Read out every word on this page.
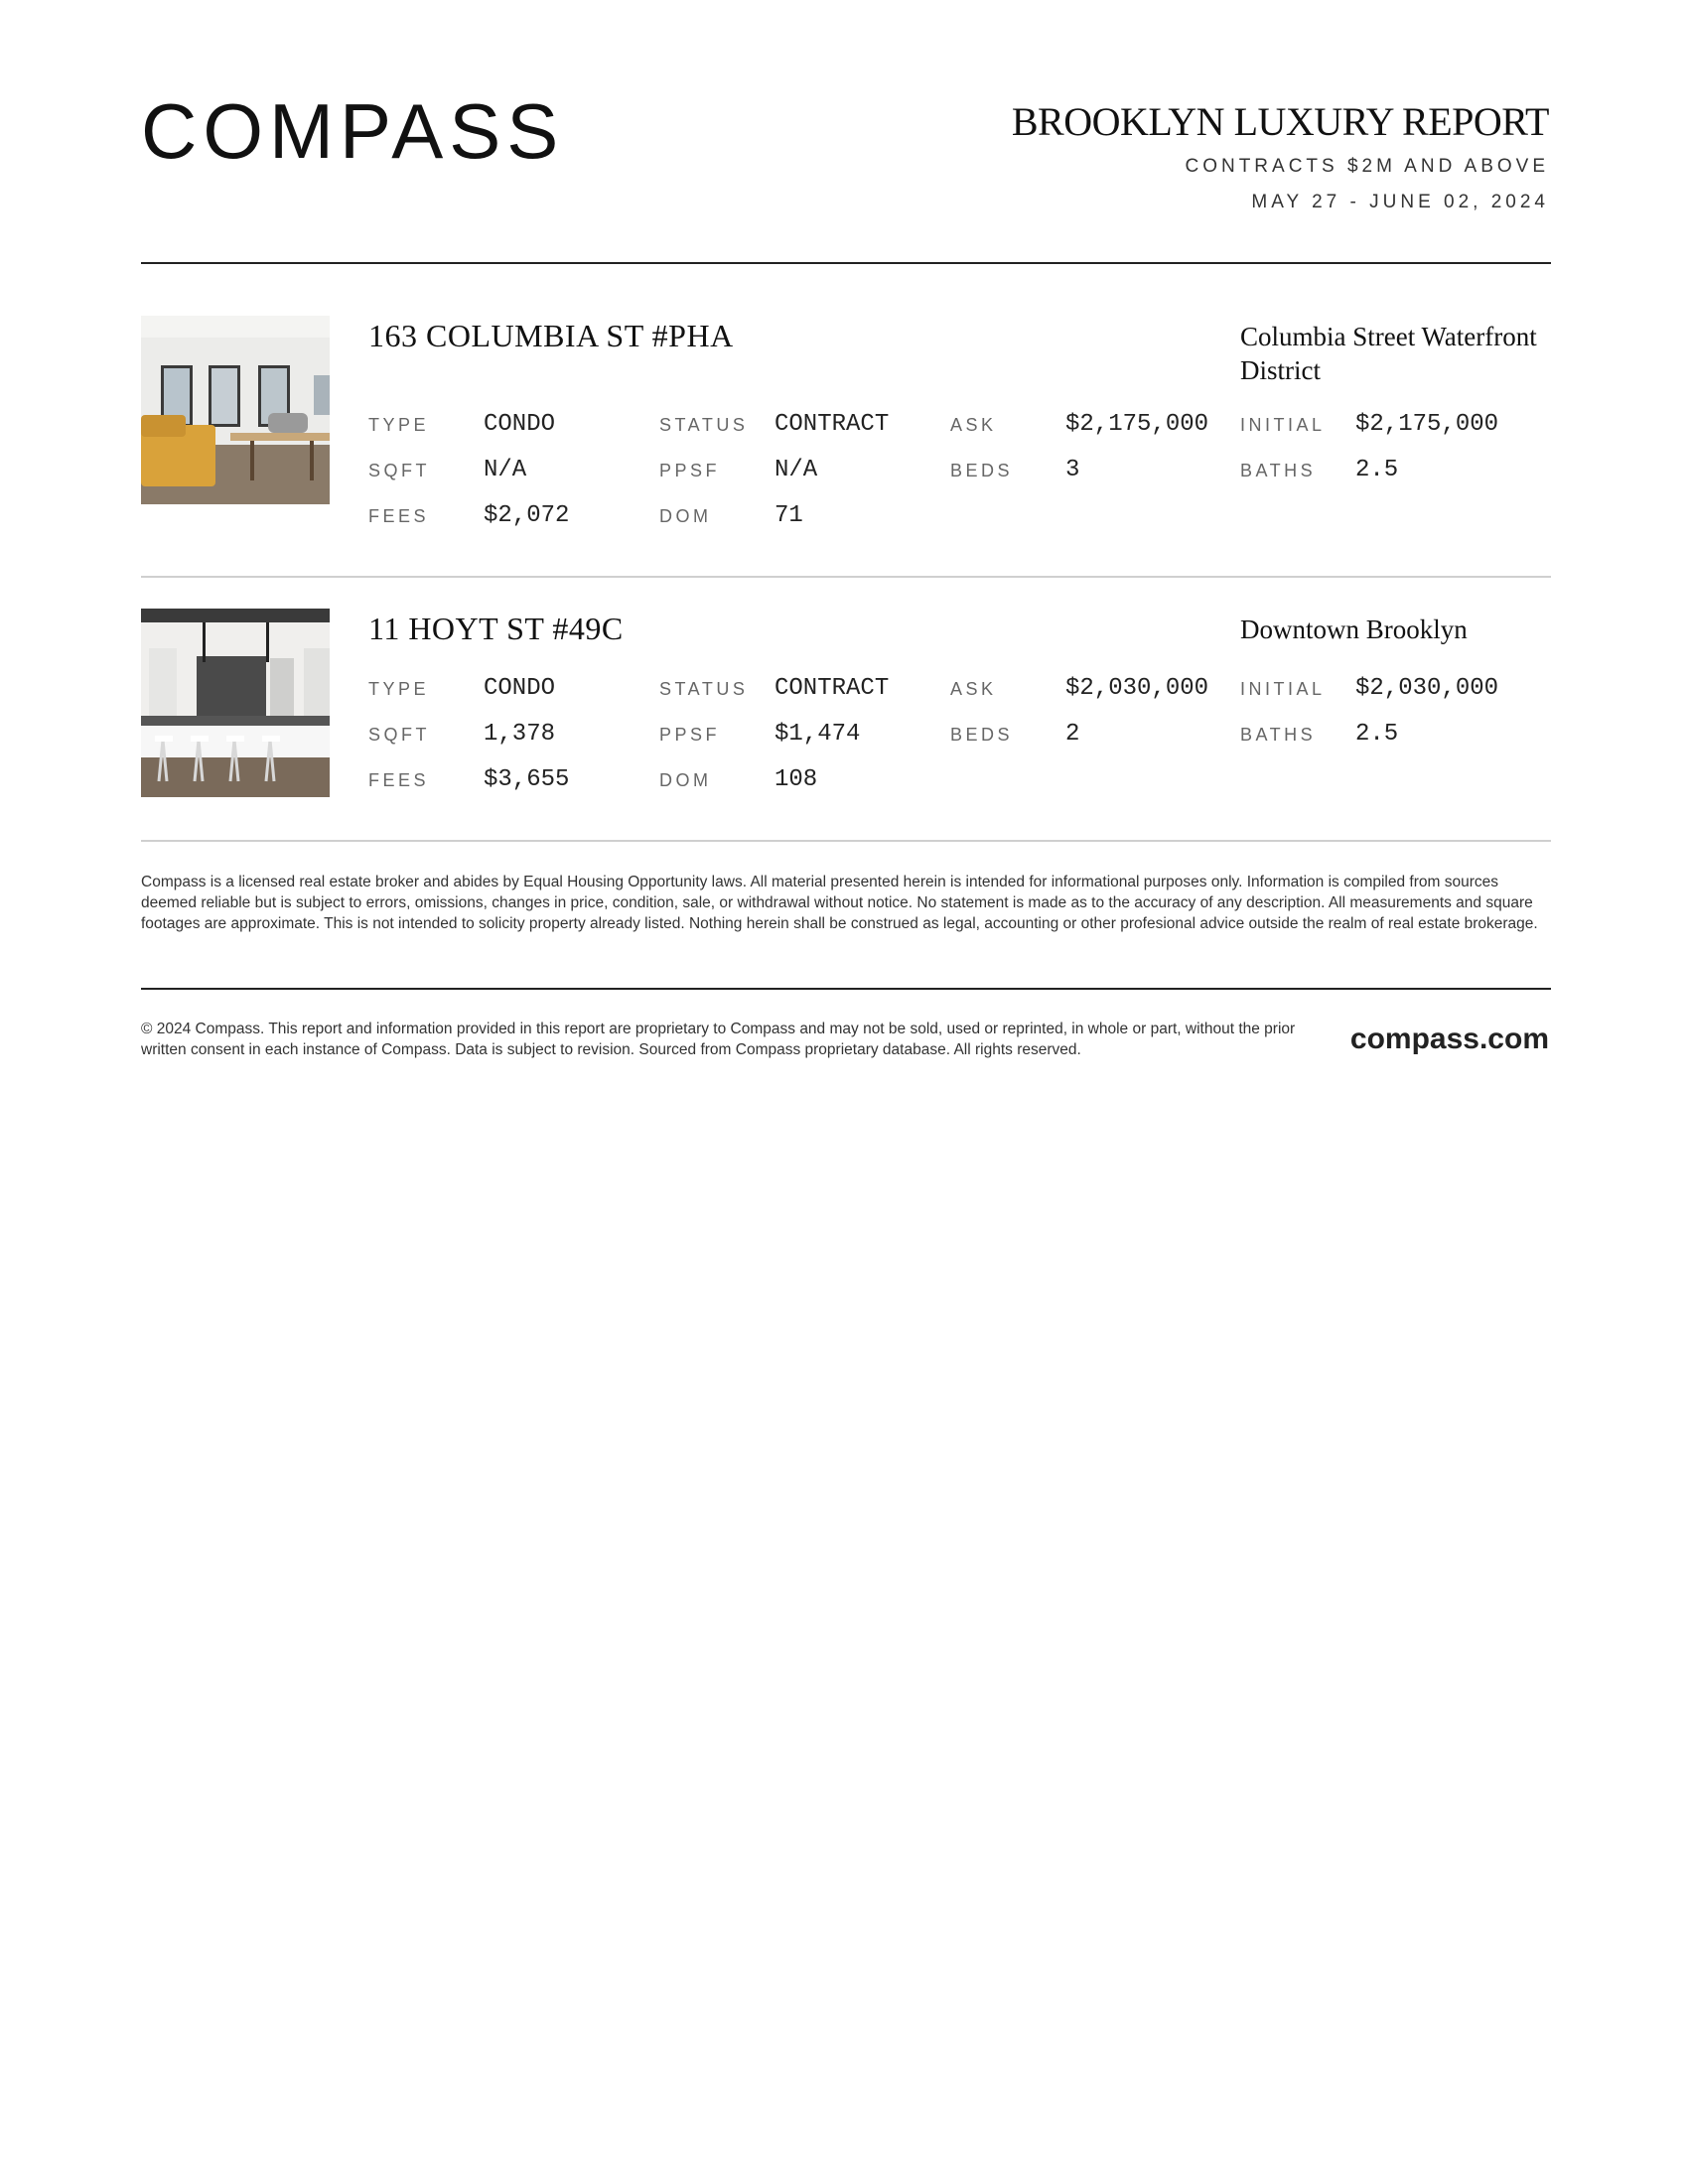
COMPASS	BROOKLYN LUXURY REPORT
CONTRACTS $2M AND ABOVE
MAY 27 - JUNE 02, 2024
163 COLUMBIA ST #PHA	Columbia Street Waterfront District
TYPE CONDO	STATUS CONTRACT	ASK	$2,175,000 INITIAL $2,175,000
SQFT N/A	PPSF N/A	BEDS 3	BATHS 2.5
FEES $2,072	DOM	71
11 HOYT ST #49C	Downtown Brooklyn
TYPE CONDO	STATUS CONTRACT	ASK	$2,030,000 INITIAL $2,030,000
SQFT 1,378	PPSF $1,474	BEDS 2	BATHS 2.5
FEES $3,655	DOM	108
Compass is a licensed real estate broker and abides by Equal Housing Opportunity laws. All material presented herein is intended for informational purposes only. Information is compiled from sources deemed reliable but is subject to errors, omissions, changes in price, condition, sale, or withdrawal without notice. No statement is made as to the accuracy of any description. All measurements and square footages are approximate. This is not intended to solicity property already listed. Nothing herein shall be construed as legal, accounting or other profesional advice outside the realm of real estate brokerage.
© 2024 Compass. This report and information provided in this report are proprietary to Compass and may not be sold, used or reprinted, in whole or part, without the prior written consent in each instance of Compass. Data is subject to revision. Sourced from Compass proprietary database. All rights reserved.	compass.com
